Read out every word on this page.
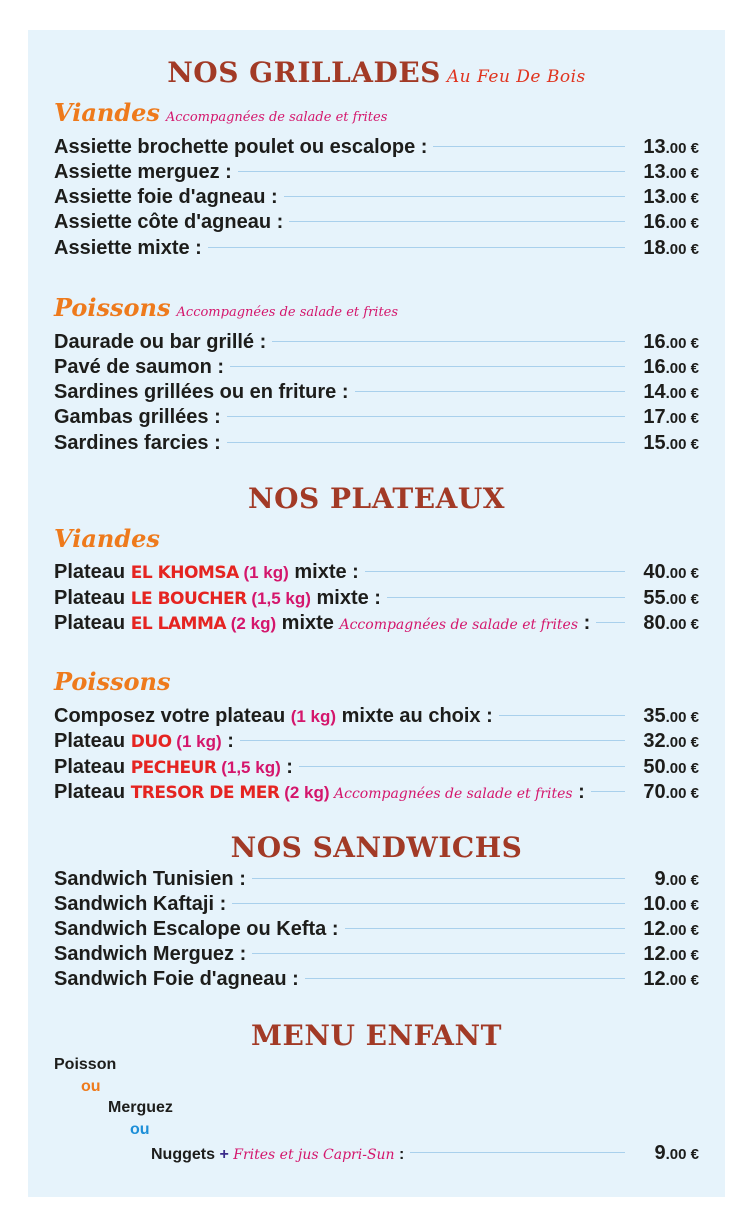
NOS GRILLADES Au Feu De Bois
Viandes Accompagnées de salade et frites
Assiette brochette poulet ou escalope :	13.00 €
Assiette merguez :	13.00 €
Assiette foie d'agneau :	13.00 €
Assiette côte d'agneau :	16.00 €
Assiette mixte :	18.00 €
Poissons Accompagnées de salade et frites
Daurade ou bar grillé :	16.00 €
Pavé de saumon :	16.00 €
Sardines grillées ou en friture :	14.00 €
Gambas grillées :	17.00 €
Sardines farcies :	15.00 €
NOS PLATEAUX
Viandes
Plateau EL KHOMSA (1 kg) mixte :	40.00 €
Plateau LE BOUCHER (1,5 kg) mixte :	55.00 €
Plateau EL LAMMA (2 kg) mixte Accompagnées de salade et frites :	80.00 €
Poissons
Composez votre plateau (1 kg) mixte au choix :	35.00 €
Plateau DUO (1 kg) :	32.00 €
Plateau PECHEUR (1,5 kg) :	50.00 €
Plateau TRESOR DE MER (2 kg) Accompagnées de salade et frites :	70.00 €
NOS SANDWICHS
Sandwich Tunisien :	9.00 €
Sandwich Kaftaji :	10.00 €
Sandwich Escalope ou Kefta :	12.00 €
Sandwich Merguez :	12.00 €
Sandwich Foie d'agneau :	12.00 €
MENU ENFANT
Poisson
ou
Merguez
ou
Nuggets + Frites et jus Capri-Sun :	9.00 €
